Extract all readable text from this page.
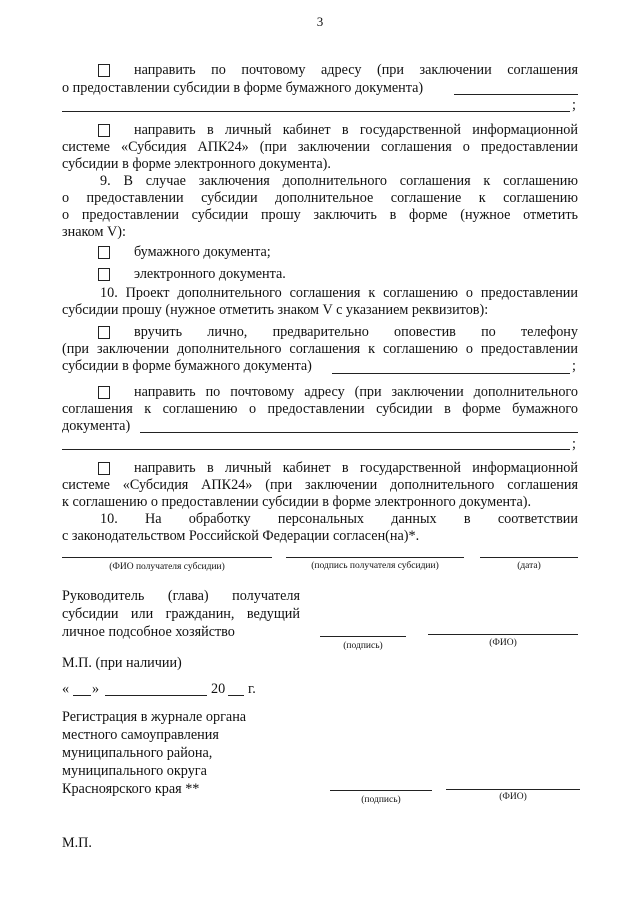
3
направить по почтовому адресу (при заключении соглашения
о предоставлении субсидии в форме бумажного документа)
;
направить в личный кабинет в государственной информационной
системе «Субсидия АПК24» (при заключении соглашения о предоставлении
субсидии в форме электронного документа).
9. В случае заключения дополнительного соглашения к соглашению
о предоставлении субсидии дополнительное соглашение к соглашению
о предоставлении субсидии прошу заключить в форме (нужное отметить
знаком V):
бумажного документа;
электронного документа.
10. Проект дополнительного соглашения к соглашению о предоставлении
субсидии прошу (нужное отметить знаком V с указанием реквизитов):
вручить лично, предварительно оповестив по телефону
(при заключении дополнительного соглашения к соглашению о предоставлении
субсидии в форме бумажного документа)	;
направить по почтовому адресу (при заключении дополнительного
соглашения к соглашению о предоставлении субсидии в форме бумажного
документа)
;
направить в личный кабинет в государственной информационной
системе «Субсидия АПК24» (при заключении дополнительного соглашения
к соглашению о предоставлении субсидии в форме электронного документа).
10. На обработку персональных данных в соответствии
с законодательством Российской Федерации согласен(на)*.
(ФИО получателя субсидии)	(подпись получателя субсидии)	(дата)
Руководитель (глава) получателя
субсидии или гражданин, ведущий
личное подсобное хозяйство
(подпись)	(ФИО)
М.П. (при наличии)
« »	20 г.
Регистрация в журнале органа
местного самоуправления
муниципального района,
муниципального округа
Красноярского края **
(подпись)	(ФИО)
М.П.
